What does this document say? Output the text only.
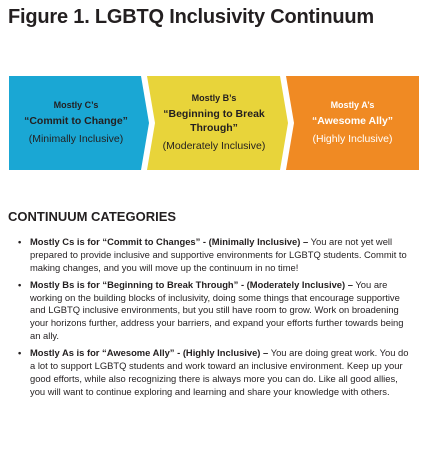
Figure 1. LGBTQ Inclusivity Continuum
Mostly C’s
“Commit to Change”
(Minimally Inclusive)
Mostly B’s
“Beginning to Break
Through”
(Moderately Inclusive)
Mostly A’s
“Awesome Ally”
(Highly Inclusive)
CONTINUUM CATEGORIES
• Mostly Cs is for “Commit to Changes” - (Minimally Inclusive) – You are not yet well prepared to provide inclusive and supportive environments for LGBTQ students. Commit to making changes, and you will move up the continuum in no time!
• Mostly Bs is for “Beginning to Break Through” - (Moderately Inclusive) – You are working on the building blocks of inclusivity, doing some things that encourage supportive and LGBTQ inclusive environments, but you still have room to grow. Work on broadening your horizons further, address your barriers, and expand your efforts further towards being an ally.
• Mostly As is for “Awesome Ally” - (Highly Inclusive) – You are doing great work. You do a lot to support LGBTQ students and work toward an inclusive environment. Keep up your good efforts, while also recognizing there is always more you can do. Like all good allies, you will want to continue exploring and learning and share your knowledge with others.
